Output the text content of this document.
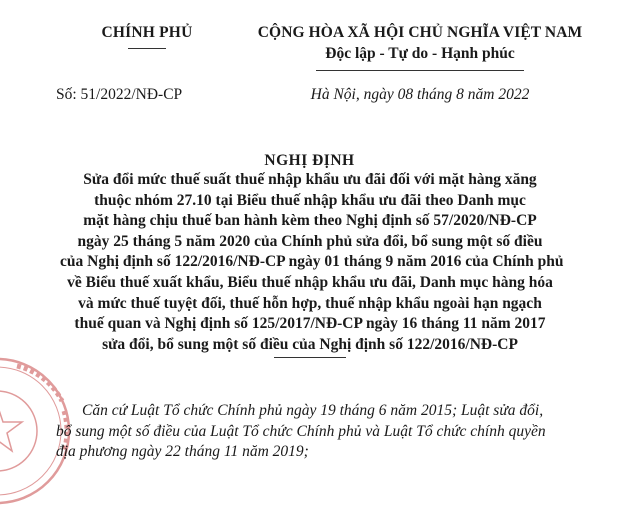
CHÍNH PHỦ	CỘNG HÒA XÃ HỘI CHỦ NGHĨA VIỆT NAM
Độc lập - Tự do - Hạnh phúc
Số: 51/2022/NĐ-CP	Hà Nội, ngày 08 tháng 8 năm 2022
NGHỊ ĐỊNH
Sửa đổi mức thuế suất thuế nhập khẩu ưu đãi đối với mặt hàng xăng
thuộc nhóm 27.10 tại Biểu thuế nhập khẩu ưu đãi theo Danh mục
mặt hàng chịu thuế ban hành kèm theo Nghị định số 57/2020/NĐ-CP
ngày 25 tháng 5 năm 2020 của Chính phủ sửa đổi, bổ sung một số điều
của Nghị định số 122/2016/NĐ-CP ngày 01 tháng 9 năm 2016 của Chính phủ
về Biểu thuế xuất khẩu, Biểu thuế nhập khẩu ưu đãi, Danh mục hàng hóa
và mức thuế tuyệt đối, thuế hỗn hợp, thuế nhập khẩu ngoài hạn ngạch
thuế quan và Nghị định số 125/2017/NĐ-CP ngày 16 tháng 11 năm 2017
sửa đổi, bổ sung một số điều của Nghị định số 122/2016/NĐ-CP
Căn cứ Luật Tổ chức Chính phủ ngày 19 tháng 6 năm 2015; Luật sửa đổi,
bổ sung một số điều của Luật Tổ chức Chính phủ và Luật Tổ chức chính quyền
địa phương ngày 22 tháng 11 năm 2019;
